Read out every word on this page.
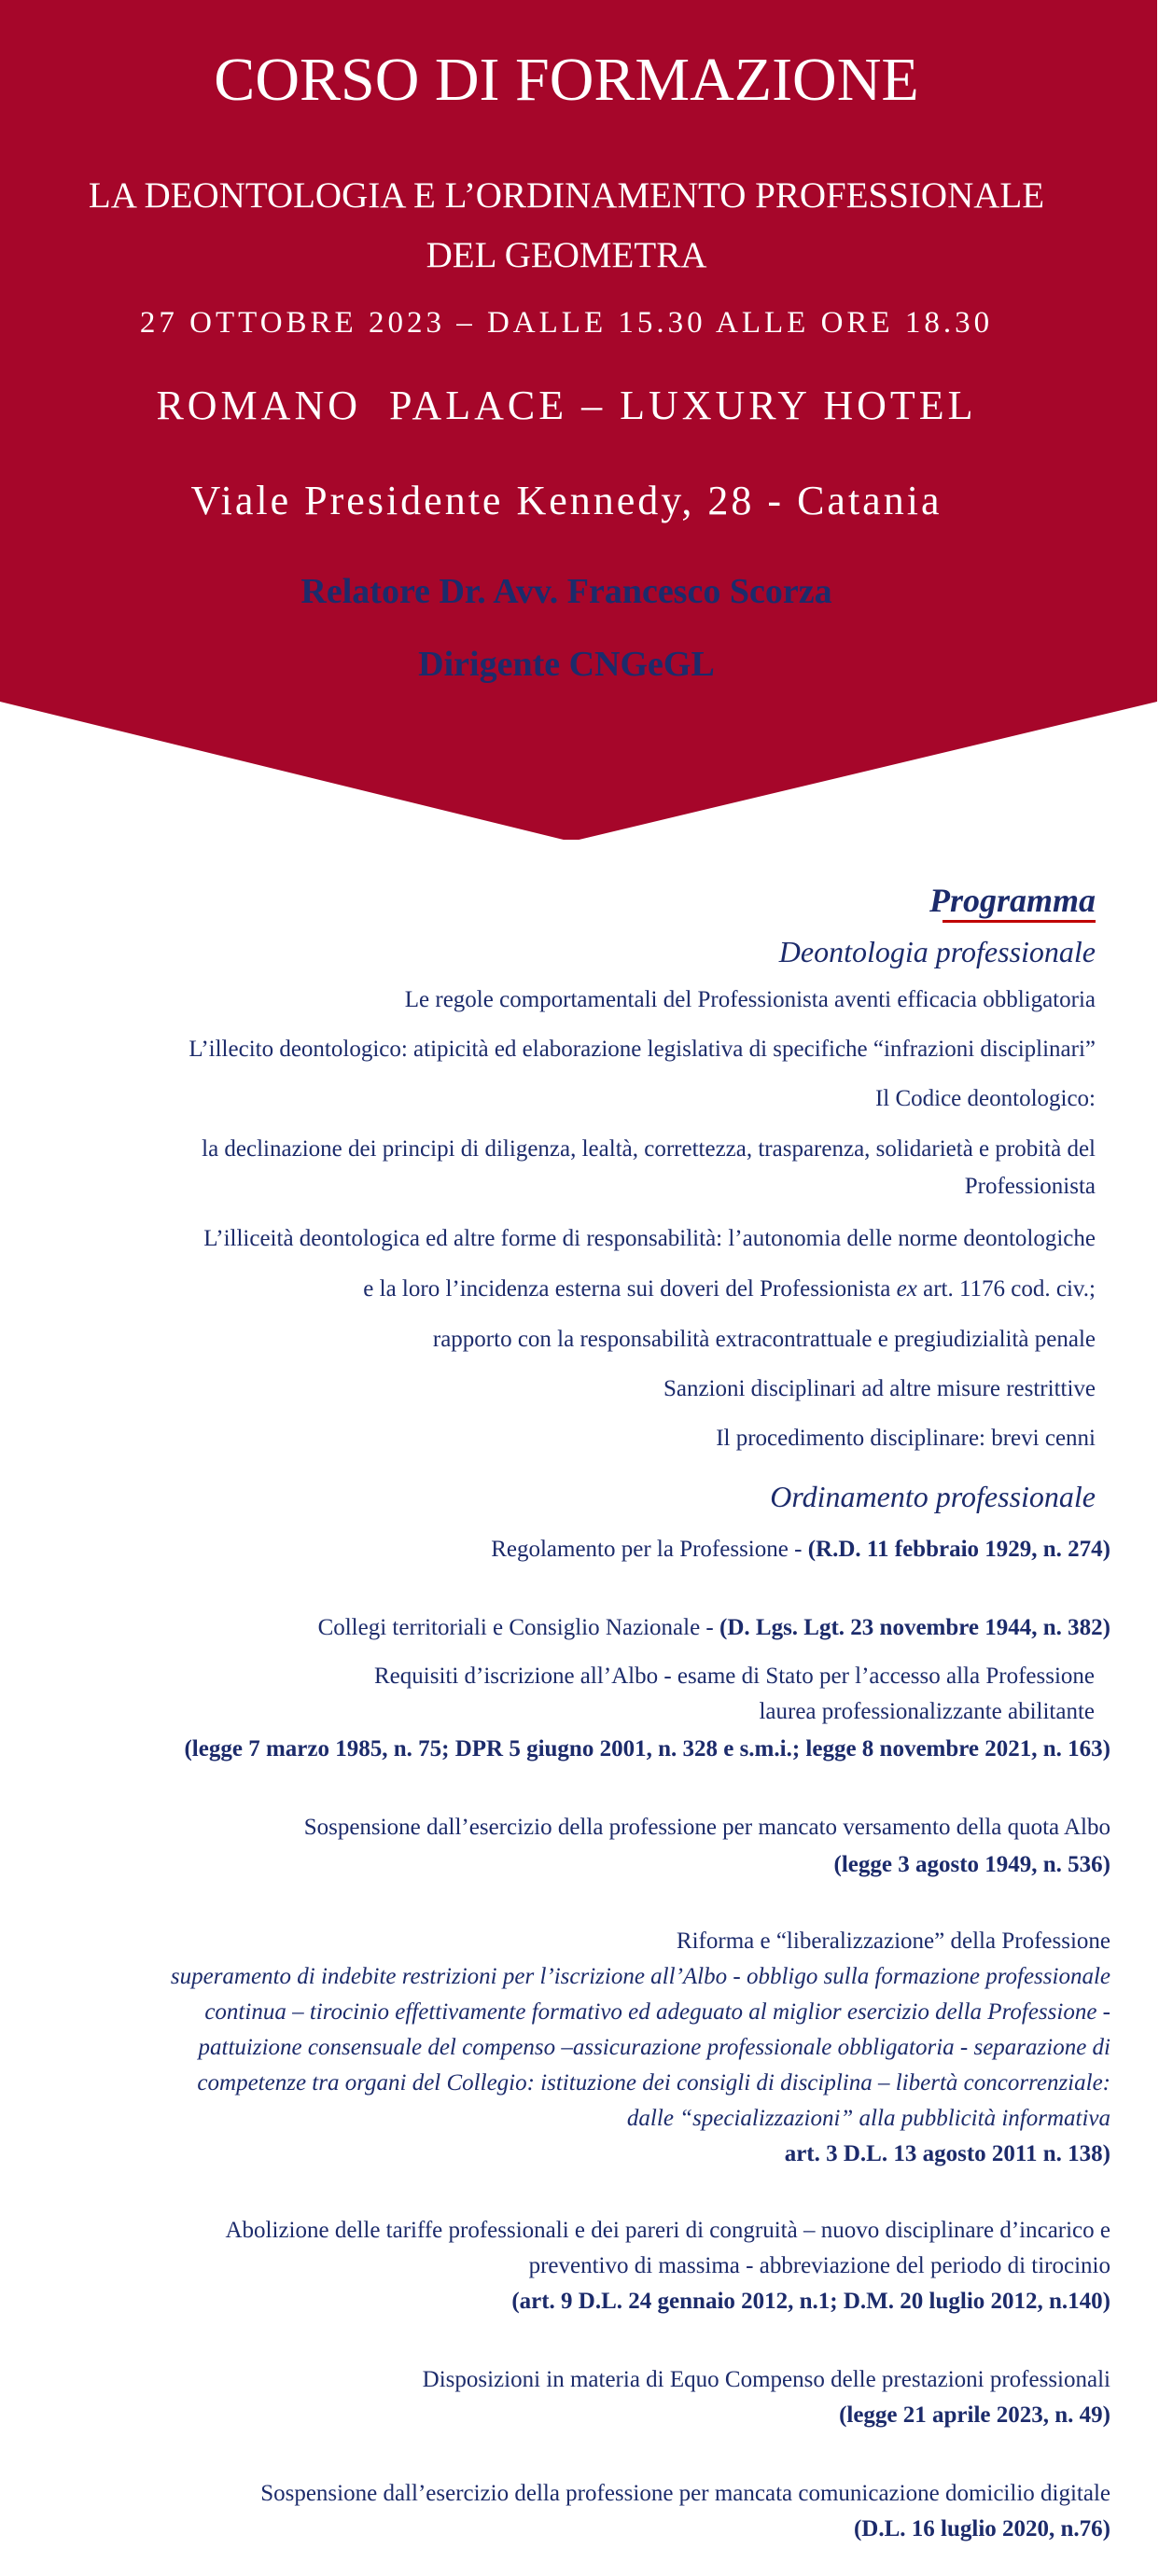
CORSO DI FORMAZIONE
LA DEONTOLOGIA E L’ORDINAMENTO PROFESSIONALE
DEL GEOMETRA
27 OTTOBRE 2023 – DALLE 15.30 ALLE ORE 18.30
ROMANO  PALACE – LUXURY HOTEL
Viale Presidente Kennedy, 28 - Catania
Relatore Dr. Avv. Francesco Scorza
Dirigente CNGeGL
Programma
Deontologia professionale
Le regole comportamentali del Professionista aventi efficacia obbligatoria
L’illecito deontologico: atipicità ed elaborazione legislativa di specifiche “infrazioni disciplinari”
Il Codice deontologico:
la declinazione dei principi di diligenza, lealtà, correttezza, trasparenza, solidarietà e probità del
Professionista
L’illiceità deontologica ed altre forme di responsabilità: l’autonomia delle norme deontologiche
e la loro l’incidenza esterna sui doveri del Professionista ex art. 1176 cod. civ.;
rapporto con la responsabilità extracontrattuale e pregiudizialità penale
Sanzioni disciplinari ad altre misure restrittive
Il procedimento disciplinare: brevi cenni
Ordinamento professionale
Regolamento per la Professione - (R.D. 11 febbraio 1929, n. 274)
Collegi territoriali e Consiglio Nazionale - (D. Lgs. Lgt. 23 novembre 1944, n. 382)
Requisiti d’iscrizione all’Albo - esame di Stato per l’accesso alla Professione
laurea professionalizzante abilitante
(legge 7 marzo 1985, n. 75; DPR 5 giugno 2001, n. 328 e s.m.i.; legge 8 novembre 2021, n. 163)
Sospensione dall’esercizio della professione per mancato versamento della quota Albo
(legge 3 agosto 1949, n. 536)
Riforma e “liberalizzazione” della Professione
superamento di indebite restrizioni per l’iscrizione all’Albo - obbligo sulla formazione professionale
continua – tirocinio effettivamente formativo ed adeguato al miglior esercizio della Professione -
pattuizione consensuale del compenso –assicurazione professionale obbligatoria - separazione di
competenze tra organi del Collegio: istituzione dei consigli di disciplina – libertà concorrenziale:
dalle “specializzazioni” alla pubblicità informativa
art. 3 D.L. 13 agosto 2011 n. 138)
Abolizione delle tariffe professionali e dei pareri di congruità – nuovo disciplinare d’incarico e
preventivo di massima - abbreviazione del periodo di tirocinio
(art. 9 D.L. 24 gennaio 2012, n.1; D.M. 20 luglio 2012, n.140)
Disposizioni in materia di Equo Compenso delle prestazioni professionali
(legge 21 aprile 2023, n. 49)
Sospensione dall’esercizio della professione per mancata comunicazione domicilio digitale
(D.L. 16 luglio 2020, n.76)
